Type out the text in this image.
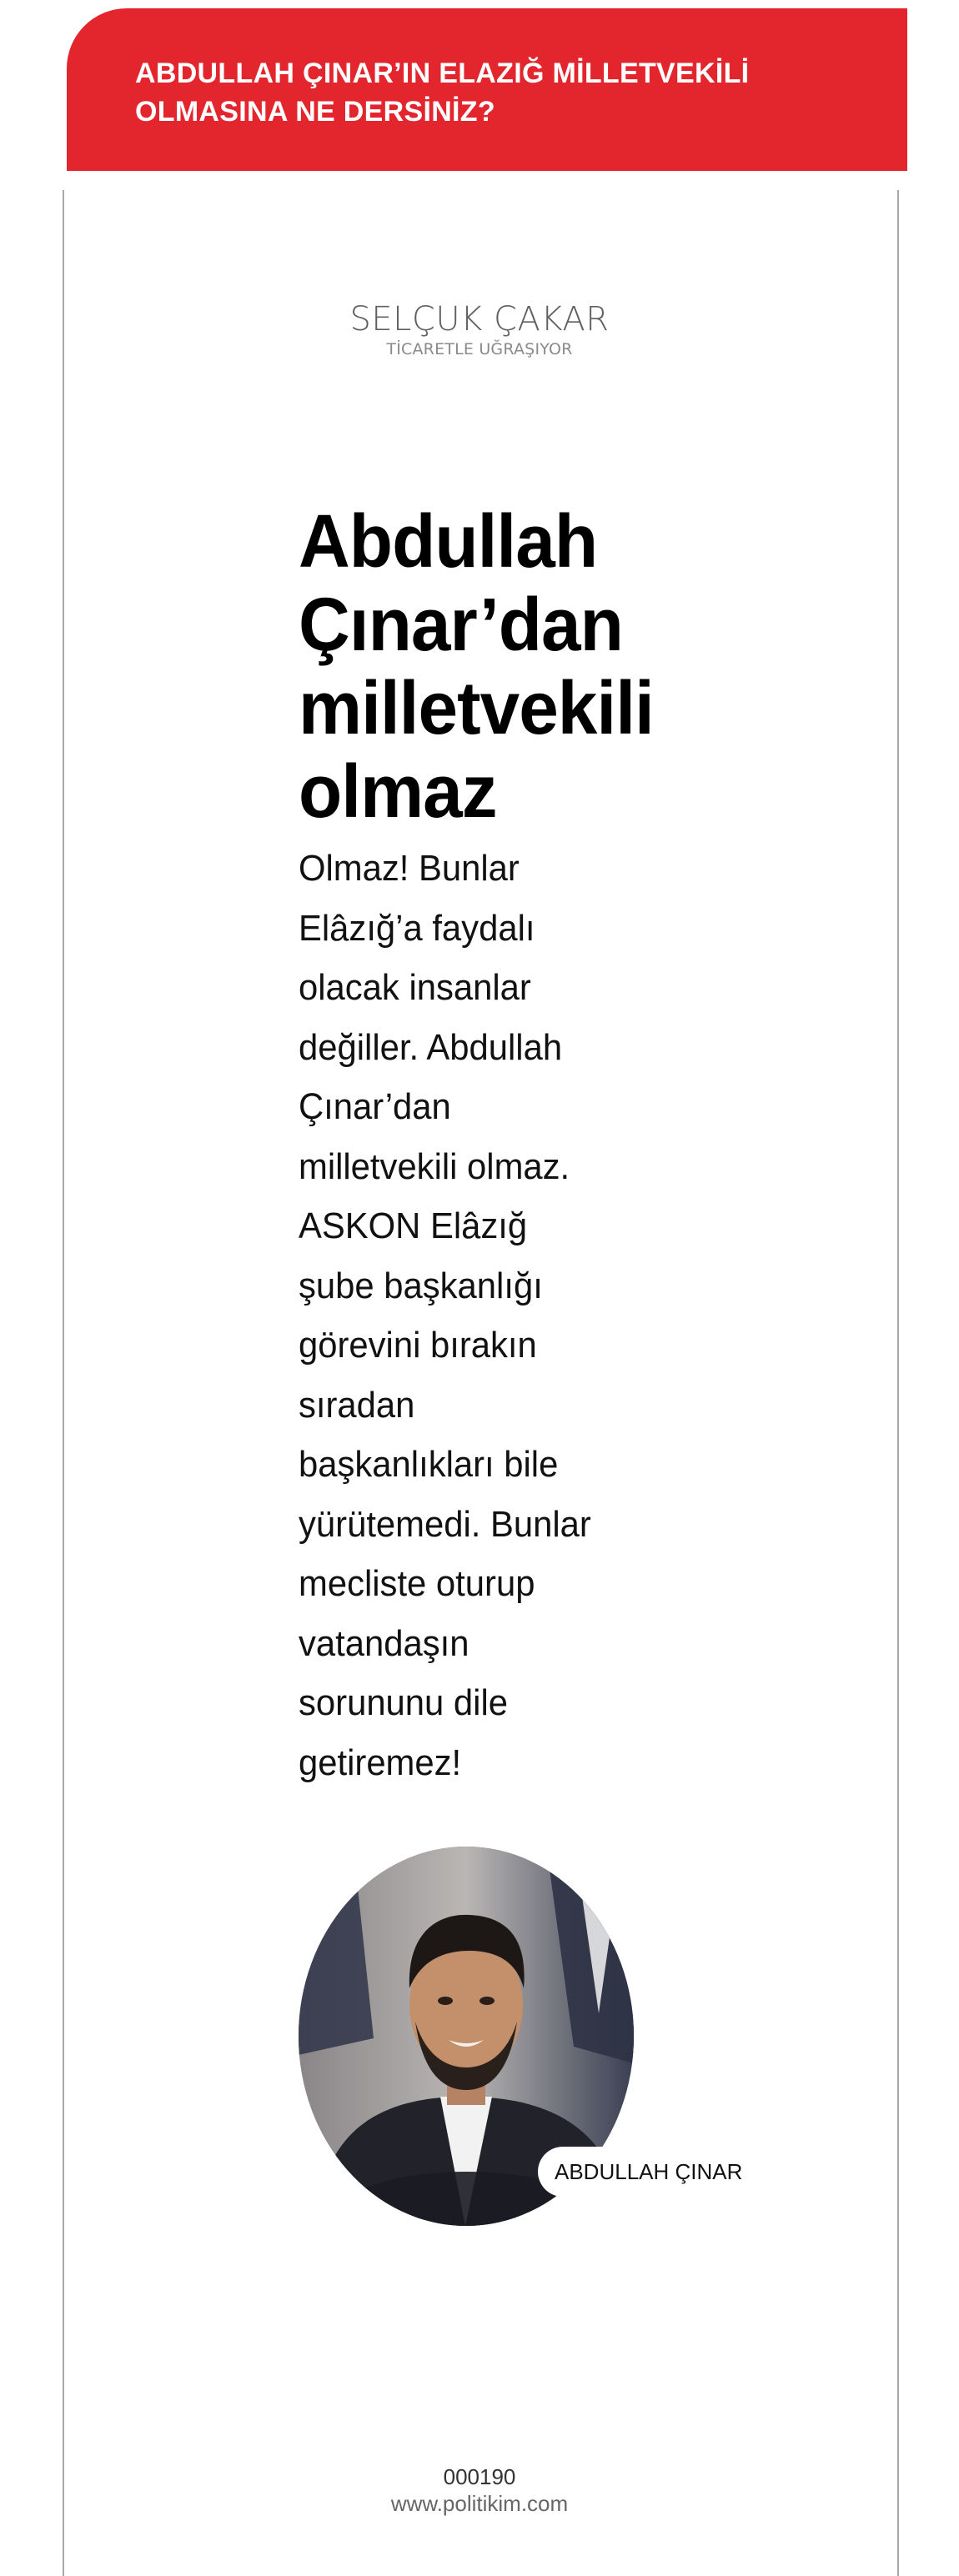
ABDULLAH ÇINAR’IN ELAZIĞ MİLLETVEKİLİ
OLMASINA NE DERSİNİZ?
SELÇUK ÇAKAR
TİCARETLE UĞRAŞIYOR
Abdullah
Çınar’dan
milletvekili
olmaz

Olmaz! Bunlar Elâzığ’a faydalı olacak insanlar değiller. Abdullah Çınar’dan milletvekili olmaz. ASKON Elâzığ şube başkanlığı görevini bırakın sıradan başkanlıkları bile yürütemedi. Bunlar mecliste oturup vatandaşın sorununu dile getiremez!

ABDULLAH ÇINAR
000190
www.politikim.com
